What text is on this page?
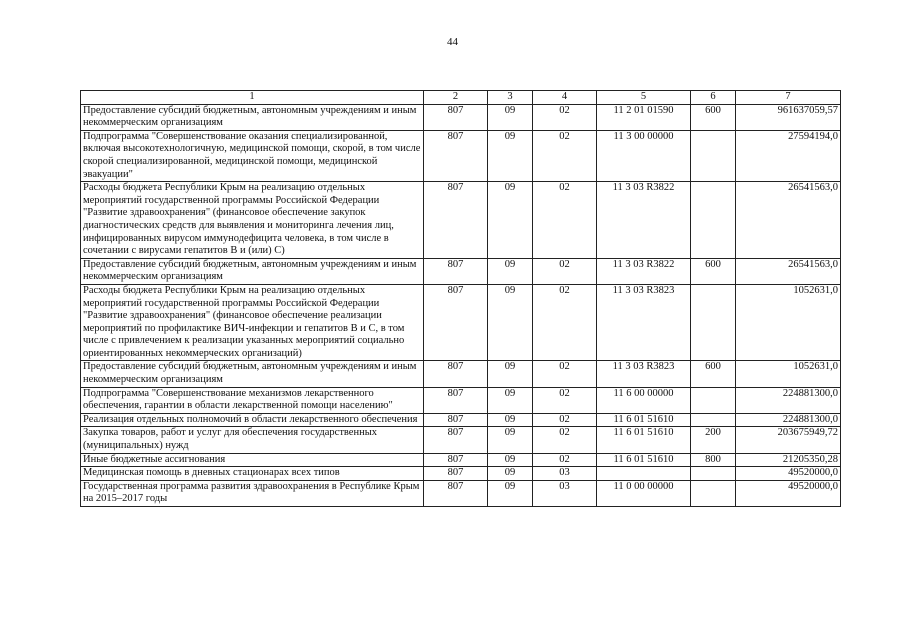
44
1	2	3	4	5	6	7
Предоставление субсидий бюджетным, автономным учреждениям и иным некоммерческим организациям	807	09	02	11 2 01 01590	600	961637059,57
Подпрограмма "Совершенствование оказания специализированной, включая высокотехнологичную, медицинской помощи, скорой, в том числе скорой специализированной, медицинской помощи, медицинской эвакуации"	807	09	02	11 3 00 00000		27594194,0
Расходы бюджета Республики Крым на реализацию отдельных мероприятий государственной программы Российской Федерации "Развитие здравоохранения" (финансовое обеспечение закупок диагностических средств для выявления и мониторинга лечения лиц, инфицированных вирусом иммунодефицита человека, в том числе в сочетании с вирусами гепатитов В и (или) С)	807	09	02	11 3 03 R3822		26541563,0
Предоставление субсидий бюджетным, автономным учреждениям и иным некоммерческим организациям	807	09	02	11 3 03 R3822	600	26541563,0
Расходы бюджета Республики Крым на реализацию отдельных мероприятий государственной программы Российской Федерации "Развитие здравоохранения" (финансовое обеспечение реализации мероприятий по профилактике ВИЧ-инфекции и гепатитов В и С, в том числе с привлечением к реализации указанных мероприятий социально ориентированных некоммерческих организаций)	807	09	02	11 3 03 R3823		1052631,0
Предоставление субсидий бюджетным, автономным учреждениям и иным некоммерческим организациям	807	09	02	11 3 03 R3823	600	1052631,0
Подпрограмма "Совершенствование механизмов лекарственного обеспечения, гарантии в области лекарственной помощи населению"	807	09	02	11 6 00 00000		224881300,0
Реализация отдельных полномочий в области лекарственного обеспечения	807	09	02	11 6 01 51610		224881300,0
Закупка товаров, работ и услуг для обеспечения государственных (муниципальных) нужд	807	09	02	11 6 01 51610	200	203675949,72
Иные бюджетные ассигнования	807	09	02	11 6 01 51610	800	21205350,28
Медицинская помощь в дневных стационарах всех типов	807	09	03			49520000,0
Государственная программа развития здравоохранения в Республике Крым на 2015–2017 годы	807	09	03	11 0 00 00000		49520000,0
